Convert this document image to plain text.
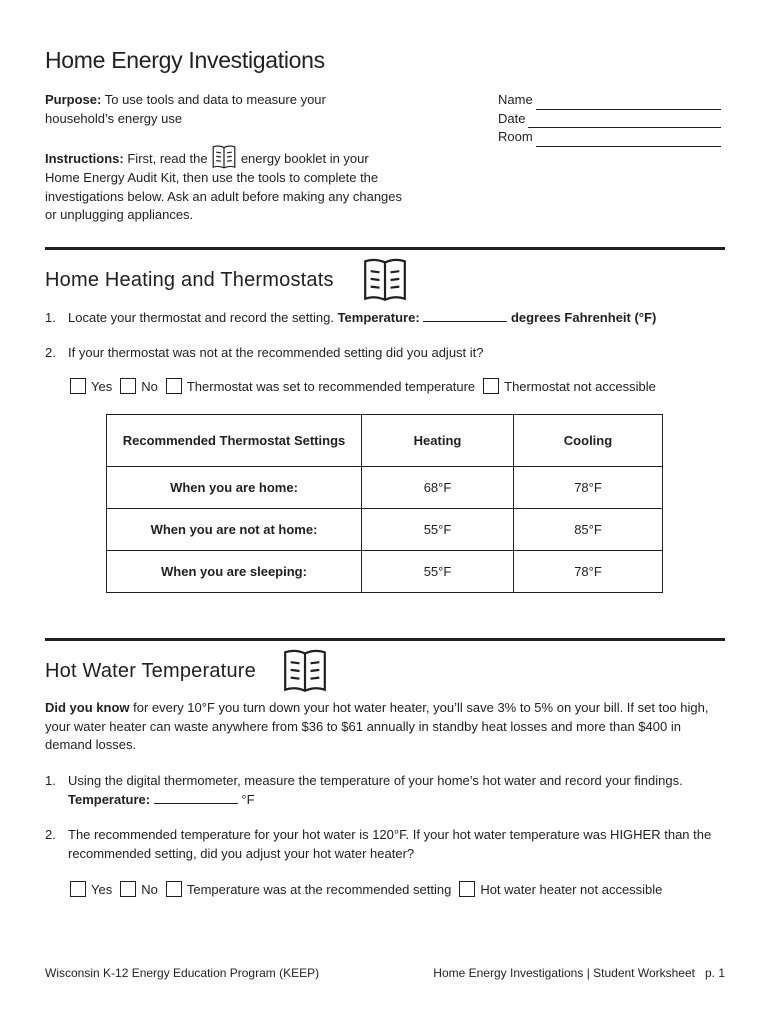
Home Energy Investigations
Purpose: To use tools and data to measure your household’s energy use
Instructions: First, read the	energy booklet in your Home Energy Audit Kit, then use the tools to complete the investigations below. Ask an adult before making any changes or unplugging appliances.
Name
Date
Room
Home Heating and Thermostats
1. Locate your thermostat and record the setting. Temperature:	degrees Fahrenheit (°F)
2. If your thermostat was not at the recommended setting did you adjust it?
Yes No Thermostat was set to recommended temperature Thermostat not accessible
Recommended Thermostat Settings	Heating	Cooling
When you are home:	68°F	78°F
When you are not at home:	55°F	85°F
When you are sleeping:	55°F	78°F
Hot Water Temperature
Did you know for every 10°F you turn down your hot water heater, you’ll save 3% to 5% on your bill. If set too high, your water heater can waste anywhere from $36 to $61 annually in standby heat losses and more than $400 in demand losses.
1. Using the digital thermometer, measure the temperature of your home’s hot water and record your findings. Temperature:	°F
2. The recommended temperature for your hot water is 120°F. If your hot water temperature was HIGHER than the recommended setting, did you adjust your hot water heater?
Yes No Temperature was at the recommended setting Hot water heater not accessible
Wisconsin K-12 Energy Education Program (KEEP)	Home Energy Investigations | Student Worksheet   p. 1
